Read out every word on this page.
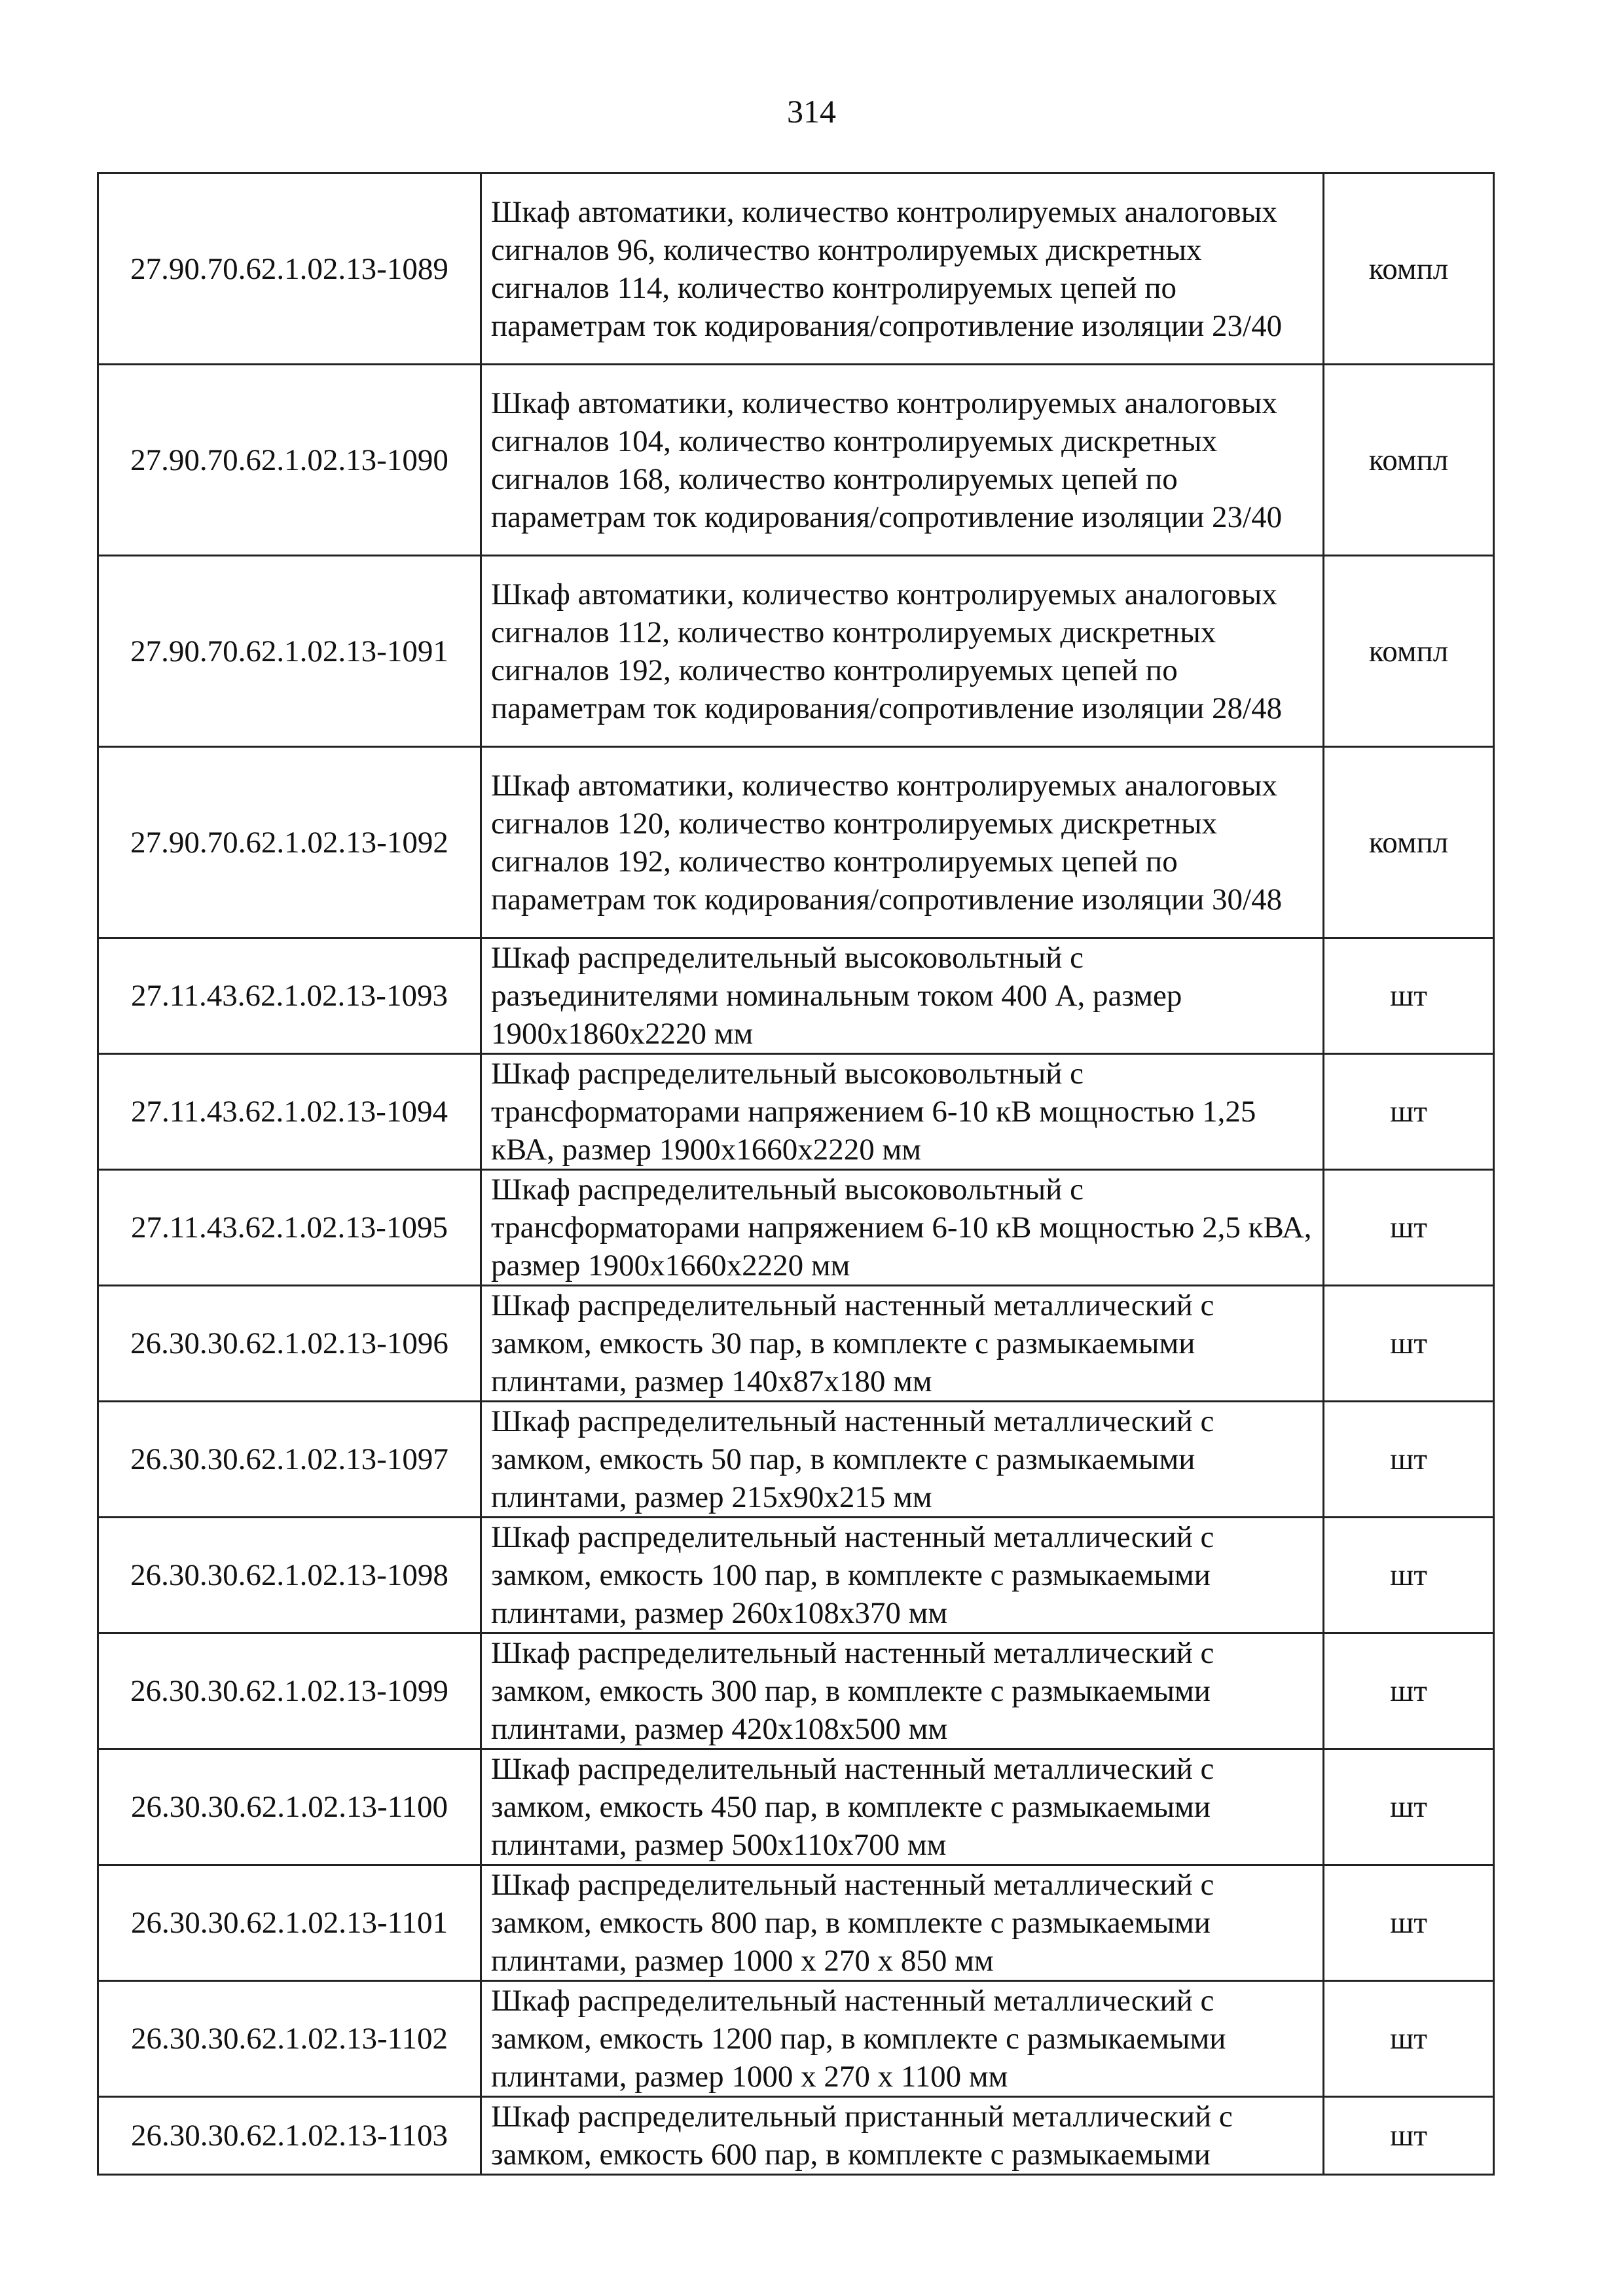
314
27.90.70.62.1.02.13-1089	Шкаф автоматики, количество контролируемых аналоговых сигналов 96, количество контролируемых дискретных сигналов 114, количество контролируемых цепей по параметрам ток кодирования/сопротивление изоляции 23/40	компл
27.90.70.62.1.02.13-1090	Шкаф автоматики, количество контролируемых аналоговых сигналов 104, количество контролируемых дискретных сигналов 168, количество контролируемых цепей по параметрам ток кодирования/сопротивление изоляции 23/40	компл
27.90.70.62.1.02.13-1091	Шкаф автоматики, количество контролируемых аналоговых сигналов 112, количество контролируемых дискретных сигналов 192, количество контролируемых цепей по параметрам ток кодирования/сопротивление изоляции 28/48	компл
27.90.70.62.1.02.13-1092	Шкаф автоматики, количество контролируемых аналоговых сигналов 120, количество контролируемых дискретных сигналов 192, количество контролируемых цепей по параметрам ток кодирования/сопротивление изоляции 30/48	компл
27.11.43.62.1.02.13-1093	Шкаф распределительный высоковольтный с разъединителями номинальным током 400 А, размер 1900х1860х2220 мм	шт
27.11.43.62.1.02.13-1094	Шкаф распределительный высоковольтный с трансформаторами напряжением 6-10 кВ мощностью 1,25 кВА, размер 1900х1660х2220 мм	шт
27.11.43.62.1.02.13-1095	Шкаф распределительный высоковольтный с трансформаторами напряжением 6-10 кВ мощностью 2,5 кВА, размер 1900х1660х2220 мм	шт
26.30.30.62.1.02.13-1096	Шкаф распределительный настенный металлический с замком, емкость 30 пар, в комплекте с размыкаемыми плинтами, размер 140х87х180 мм	шт
26.30.30.62.1.02.13-1097	Шкаф распределительный настенный металлический с замком, емкость 50 пар, в комплекте с размыкаемыми плинтами, размер 215х90х215 мм	шт
26.30.30.62.1.02.13-1098	Шкаф распределительный настенный металлический с замком, емкость 100 пар, в комплекте с размыкаемыми плинтами, размер 260х108х370 мм	шт
26.30.30.62.1.02.13-1099	Шкаф распределительный настенный металлический с замком, емкость 300 пар, в комплекте с размыкаемыми плинтами, размер 420х108х500 мм	шт
26.30.30.62.1.02.13-1100	Шкаф распределительный настенный металлический с замком, емкость 450 пар, в комплекте с размыкаемыми плинтами, размер 500х110х700 мм	шт
26.30.30.62.1.02.13-1101	Шкаф распределительный настенный металлический с замком, емкость 800 пар, в комплекте с размыкаемыми плинтами, размер 1000 х 270 х 850 мм	шт
26.30.30.62.1.02.13-1102	Шкаф распределительный настенный металлический с замком, емкость 1200 пар, в комплекте с размыкаемыми плинтами, размер 1000 х 270 х 1100 мм	шт
26.30.30.62.1.02.13-1103	Шкаф распределительный пристанный металлический с замком, емкость 600 пар, в комплекте с размыкаемыми	шт
